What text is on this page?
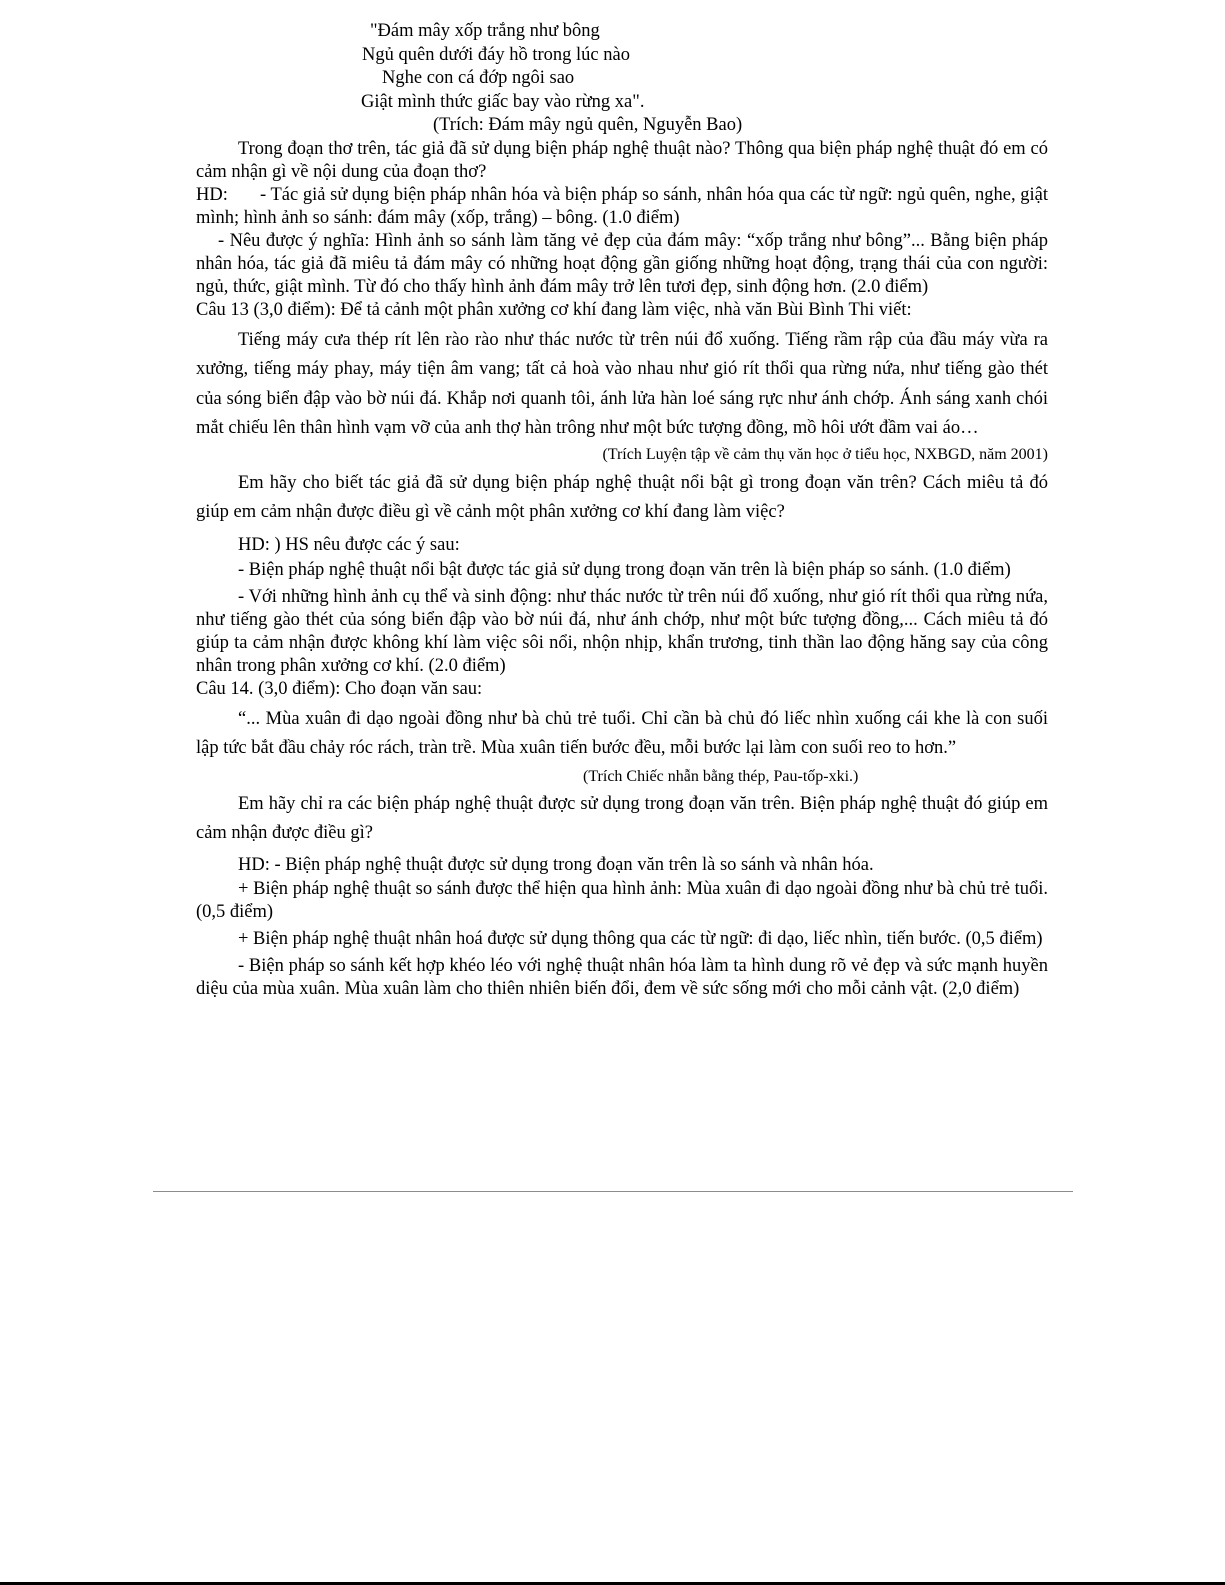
"Đám mây xốp trắng như bông

Ngủ quên dưới đáy hồ trong lúc nào

Nghe con cá đớp ngôi sao

Giật mình thức giấc bay vào rừng xa".

(Trích: Đám mây ngủ quên, Nguyễn Bao)

Trong đoạn thơ trên, tác giả đã sử dụng biện pháp nghệ thuật nào? Thông qua biện pháp nghệ thuật đó em có cảm nhận gì về nội dung của đoạn thơ?

HD: - Tác giả sử dụng biện pháp nhân hóa và biện pháp so sánh, nhân hóa qua các từ ngữ: ngủ quên, nghe, giật mình; hình ảnh so sánh: đám mây (xốp, trắng) – bông. (1.0 điểm)

- Nêu được ý nghĩa: Hình ảnh so sánh làm tăng vẻ đẹp của đám mây: “xốp trắng như bông”... Bằng biện pháp nhân hóa, tác giả đã miêu tả đám mây có những hoạt động gần giống những hoạt động, trạng thái của con người: ngủ, thức, giật mình. Từ đó cho thấy hình ảnh đám mây trở lên tươi đẹp, sinh động hơn. (2.0 điểm)

Câu 13 (3,0 điểm): Để tả cảnh một phân xưởng cơ khí đang làm việc, nhà văn Bùi Bình Thi viết:

Tiếng máy cưa thép rít lên rào rào như thác nước từ trên núi đổ xuống. Tiếng rầm rập của đầu máy vừa ra xưởng, tiếng máy phay, máy tiện âm vang; tất cả hoà vào nhau như gió rít thổi qua rừng nứa, như tiếng gào thét của sóng biển đập vào bờ núi đá. Khắp nơi quanh tôi, ánh lửa hàn loé sáng rực như ánh chớp. Ánh sáng xanh chói mắt chiếu lên thân hình vạm vỡ của anh thợ hàn trông như một bức tượng đồng, mồ hôi ướt đầm vai áo…

(Trích Luyện tập về cảm thụ văn học ở tiểu học, NXBGD, năm 2001)

Em hãy cho biết tác giả đã sử dụng biện pháp nghệ thuật nổi bật gì trong đoạn văn trên? Cách miêu tả đó giúp em cảm nhận được điều gì về cảnh một phân xưởng cơ khí đang làm việc?

HD: ) HS nêu được các ý sau:

- Biện pháp nghệ thuật nổi bật được tác giả sử dụng trong đoạn văn trên là biện pháp so sánh. (1.0 điểm)

- Với những hình ảnh cụ thể và sinh động: như thác nước từ trên núi đổ xuống, như gió rít thổi qua rừng nứa, như tiếng gào thét của sóng biển đập vào bờ núi đá, như ánh chớp, như một bức tượng đồng,... Cách miêu tả đó giúp ta cảm nhận được không khí làm việc sôi nổi, nhộn nhịp, khẩn trương, tinh thần lao động hăng say của công nhân trong phân xưởng cơ khí. (2.0 điểm)

Câu 14. (3,0 điểm): Cho đoạn văn sau:

“... Mùa xuân đi dạo ngoài đồng như bà chủ trẻ tuổi. Chỉ cần bà chủ đó liếc nhìn xuống cái khe là con suối lập tức bắt đầu chảy róc rách, tràn trề. Mùa xuân tiến bước đều, mỗi bước lại làm con suối reo to hơn.”

(Trích Chiếc nhẫn bằng thép, Pau-tốp-xki.)

Em hãy chỉ ra các biện pháp nghệ thuật được sử dụng trong đoạn văn trên. Biện pháp nghệ thuật đó giúp em cảm nhận được điều gì?

HD: - Biện pháp nghệ thuật được sử dụng trong đoạn văn trên là so sánh và nhân hóa.

+ Biện pháp nghệ thuật so sánh được thể hiện qua hình ảnh: Mùa xuân đi dạo ngoài đồng như bà chủ trẻ tuổi. (0,5 điểm)

+ Biện pháp nghệ thuật nhân hoá được sử dụng thông qua các từ ngữ: đi dạo, liếc nhìn, tiến bước. (0,5 điểm)

- Biện pháp so sánh kết hợp khéo léo với nghệ thuật nhân hóa làm ta hình dung rõ vẻ đẹp và sức mạnh huyền diệu của mùa xuân. Mùa xuân làm cho thiên nhiên biến đổi, đem về sức sống mới cho mỗi cảnh vật. (2,0 điểm)
